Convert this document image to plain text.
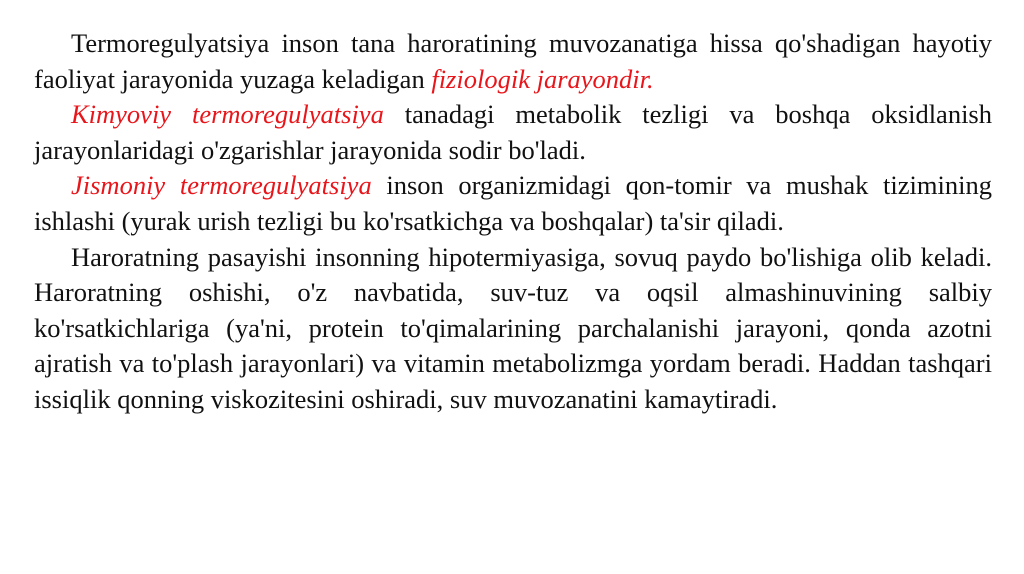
Termoregulyatsiya inson tana haroratining muvozanatiga hissa qo'shadigan hayotiy faoliyat jarayonida yuzaga keladigan fiziologik jarayondir.

Kimyoviy termoregulyatsiya tanadagi metabolik tezligi va boshqa oksidlanish jarayonlaridagi o'zgarishlar jarayonida sodir bo'ladi.

Jismoniy termoregulyatsiya inson organizmidagi qon-tomir va mushak tizimining ishlashi (yurak urish tezligi bu ko'rsatkichga va boshqalar) ta'sir qiladi.

Haroratning pasayishi insonning hipotermiyasiga, sovuq paydo bo'lishiga olib keladi. Haroratning oshishi, o'z navbatida, suv-tuz va oqsil almashinuvining salbiy ko'rsatkichlariga (ya'ni, protein to'qimalarining parchalanishi jarayoni, qonda azotni ajratish va to'plash jarayonlari) va vitamin metabolizmga yordam beradi. Haddan tashqari issiqlik qonning viskozitesini oshiradi, suv muvozanatini kamaytiradi.
